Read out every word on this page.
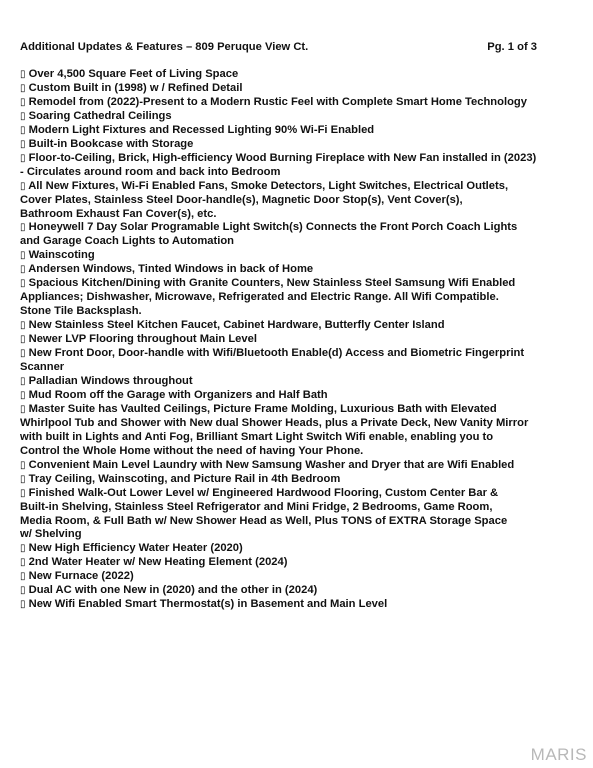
Additional Updates & Features – 809 Peruque View Ct.	Pg. 1 of 3
▯ Over 4,500 Square Feet of Living Space
▯ Custom Built in (1998) w / Refined Detail
▯ Remodel from (2022)-Present to a Modern Rustic Feel with Complete Smart Home Technology
▯ Soaring Cathedral Ceilings
▯ Modern Light Fixtures and Recessed Lighting 90% Wi-Fi Enabled
▯ Built-in Bookcase with Storage
▯ Floor-to-Ceiling, Brick, High-efficiency Wood Burning Fireplace with New Fan installed in (2023)
- Circulates around room and back into Bedroom
▯ All New Fixtures, Wi-Fi Enabled Fans, Smoke Detectors, Light Switches, Electrical Outlets,
Cover Plates, Stainless Steel Door-handle(s), Magnetic Door Stop(s), Vent Cover(s),
Bathroom Exhaust Fan Cover(s), etc.
▯ Honeywell 7 Day Solar Programable Light Switch(s) Connects the Front Porch Coach Lights
and Garage Coach Lights to Automation
▯ Wainscoting
▯ Andersen Windows, Tinted Windows in back of Home
▯ Spacious Kitchen/Dining with Granite Counters, New Stainless Steel Samsung Wifi Enabled
Appliances; Dishwasher, Microwave, Refrigerated and Electric Range. All Wifi Compatible.
Stone Tile Backsplash.
▯ New Stainless Steel Kitchen Faucet, Cabinet Hardware, Butterfly Center Island
▯ Newer LVP Flooring throughout Main Level
▯ New Front Door, Door-handle with Wifi/Bluetooth Enable(d) Access and Biometric Fingerprint
Scanner
▯ Palladian Windows throughout
▯ Mud Room off the Garage with Organizers and Half Bath
▯ Master Suite has Vaulted Ceilings, Picture Frame Molding, Luxurious Bath with Elevated
Whirlpool Tub and Shower with New dual Shower Heads, plus a Private Deck, New Vanity Mirror
with built in Lights and Anti Fog, Brilliant Smart Light Switch Wifi enable, enabling you to
Control the Whole Home without the need of having Your Phone.
▯ Convenient Main Level Laundry with New Samsung Washer and Dryer that are Wifi Enabled
▯ Tray Ceiling, Wainscoting, and Picture Rail in 4th Bedroom
▯ Finished Walk-Out Lower Level w/ Engineered Hardwood Flooring, Custom Center Bar &
Built-in Shelving, Stainless Steel Refrigerator and Mini Fridge, 2 Bedrooms, Game Room,
Media Room, & Full Bath w/ New Shower Head as Well, Plus TONS of EXTRA Storage Space
w/ Shelving
▯ New High Efficiency Water Heater (2020)
▯ 2nd Water Heater w/ New Heating Element (2024)
▯ New Furnace (2022)
▯ Dual AC with one New in (2020) and the other in (2024)
▯ New Wifi Enabled Smart Thermostat(s) in Basement and Main Level
MARIS
